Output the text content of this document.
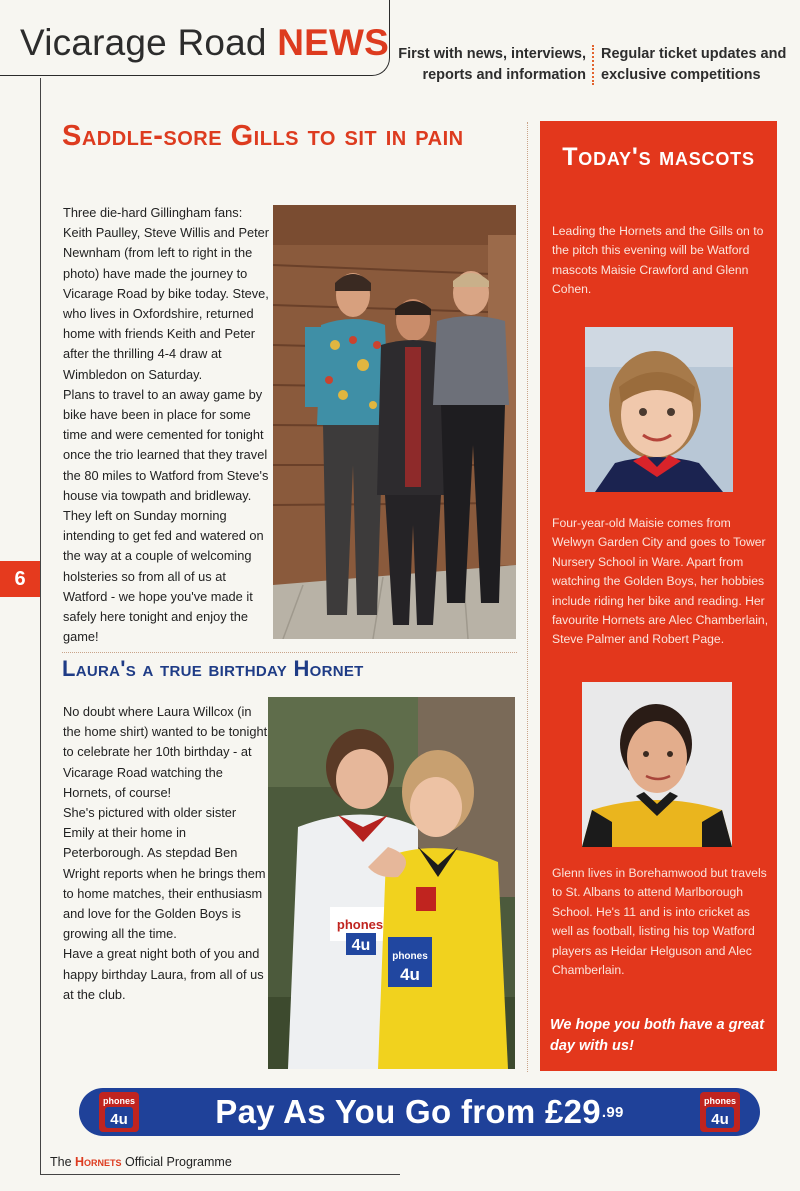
Vicarage Road NEWS First with news, interviews, reports and information
Regular ticket updates and exclusive competitions
6
Saddle-sore Gills to sit in pain

Three die-hard Gillingham fans: Keith Paulley, Steve Willis and Peter Newnham (from left to right in the photo) have made the journey to Vicarage Road by bike today. Steve, who lives in Oxfordshire, returned home with friends Keith and Peter after the thrilling 4-4 draw at Wimbledon on Saturday.

Plans to travel to an away game by bike have been in place for some time and were cemented for tonight once the trio learned that they travel the 80 miles to Watford from Steve's house via towpath and bridleway. They left on Sunday morning intending to get fed and watered on the way at a couple of welcoming holsteries so from all of us at Watford - we hope you've made it safely here tonight and enjoy the game!

Laura's a true birthday Hornet

No doubt where Laura Willcox (in the home shirt) wanted to be tonight to celebrate her 10th birthday - at Vicarage Road watching the Hornets, of course!

She's pictured with older sister Emily at their home in Peterborough. As stepdad Ben Wright reports when he brings them to home matches, their enthusiasm and love for the Golden Boys is growing all the time.

Have a great night both of you and happy birthday Laura, from all of us at the club.

phones
4u
phones
4u
Today's mascots

Leading the Hornets and the Gills on to the pitch this evening will be Watford mascots Maisie Crawford and Glenn Cohen.

Four-year-old Maisie comes from Welwyn Garden City and goes to Tower Nursery School in Ware. Apart from watching the Golden Boys, her hobbies include riding her bike and reading. Her favourite Hornets are Alec Chamberlain, Steve Palmer and Robert Page.

Glenn lives in Borehamwood but travels to St. Albans to attend Marlborough School. He's 11 and is into cricket as well as football, listing his top Watford players as Heidar Helguson and Alec Chamberlain.

We hope you both have a great day with us!

phones
4u	Pay As You Go from £29 .99
phones
4u
The Hornets Official Programme
